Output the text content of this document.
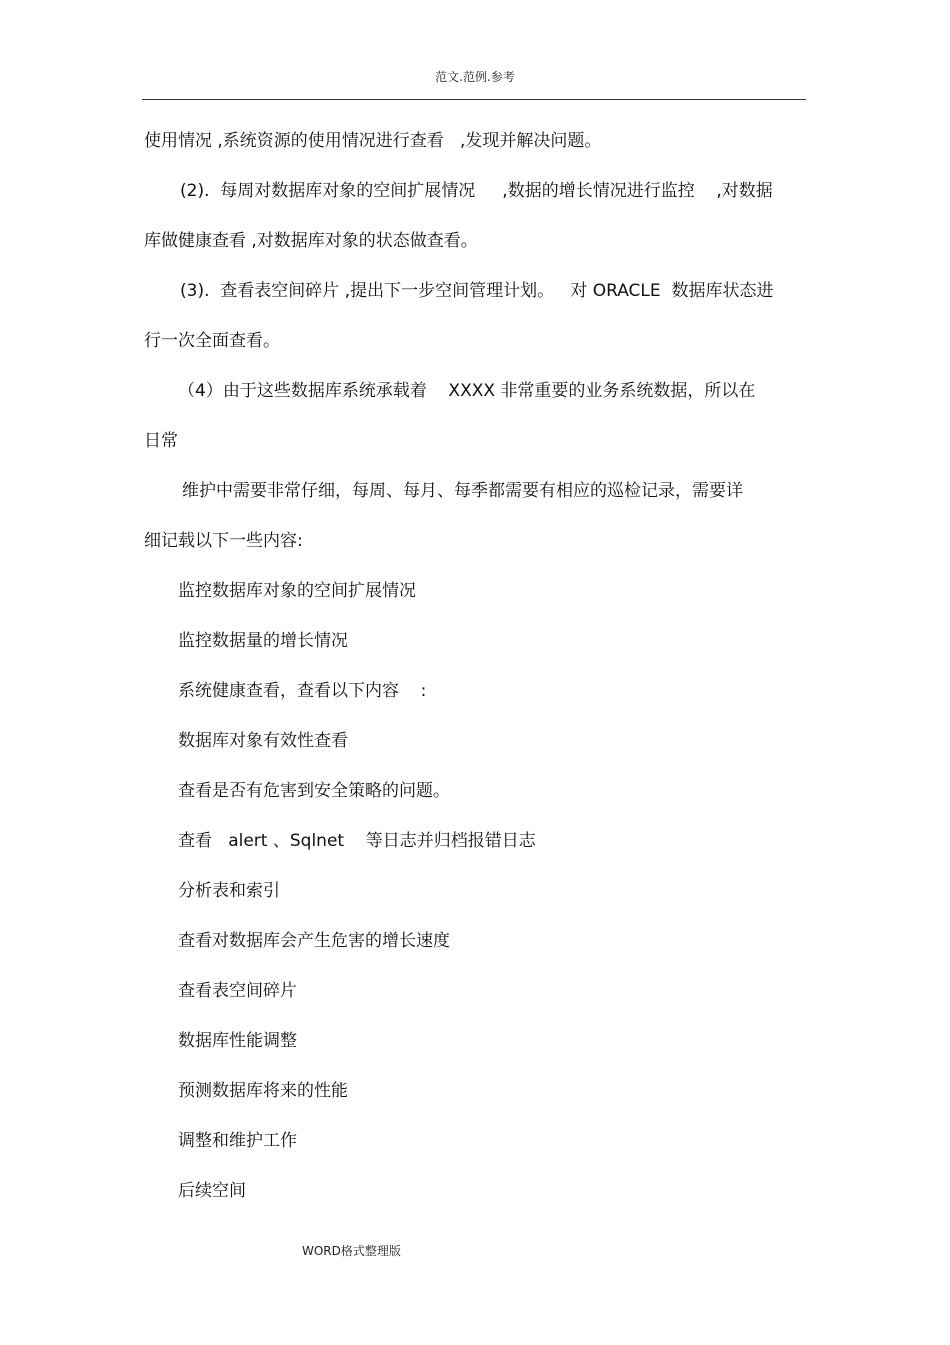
范文.范例.参考
使用情况 ,系统资源的使用情况进行查看   ,发现并解决问题。
(2).  每周对数据库对象的空间扩展情况     ,数据的增长情况进行监控    ,对数据
库做健康查看 ,对数据库对象的状态做查看。
(3).  查看表空间碎片 ,提出下一步空间管理计划。   对 ORACLE  数据库状态进
行一次全面查看。
（4）由于这些数据库系统承载着    XXXX 非常重要的业务系统数据，所以在
日常
维护中需要非常仔细，每周、每月、每季都需要有相应的巡检记录，需要详
细记载以下一些内容:
监控数据库对象的空间扩展情况
监控数据量的增长情况
系统健康查看，查看以下内容    :
数据库对象有效性查看
查看是否有危害到安全策略的问题。
查看   alert 、Sqlnet    等日志并归档报错日志
分析表和索引
查看对数据库会产生危害的增长速度
查看表空间碎片
数据库性能调整
预测数据库将来的性能
调整和维护工作
后续空间
WORD格式整理版
